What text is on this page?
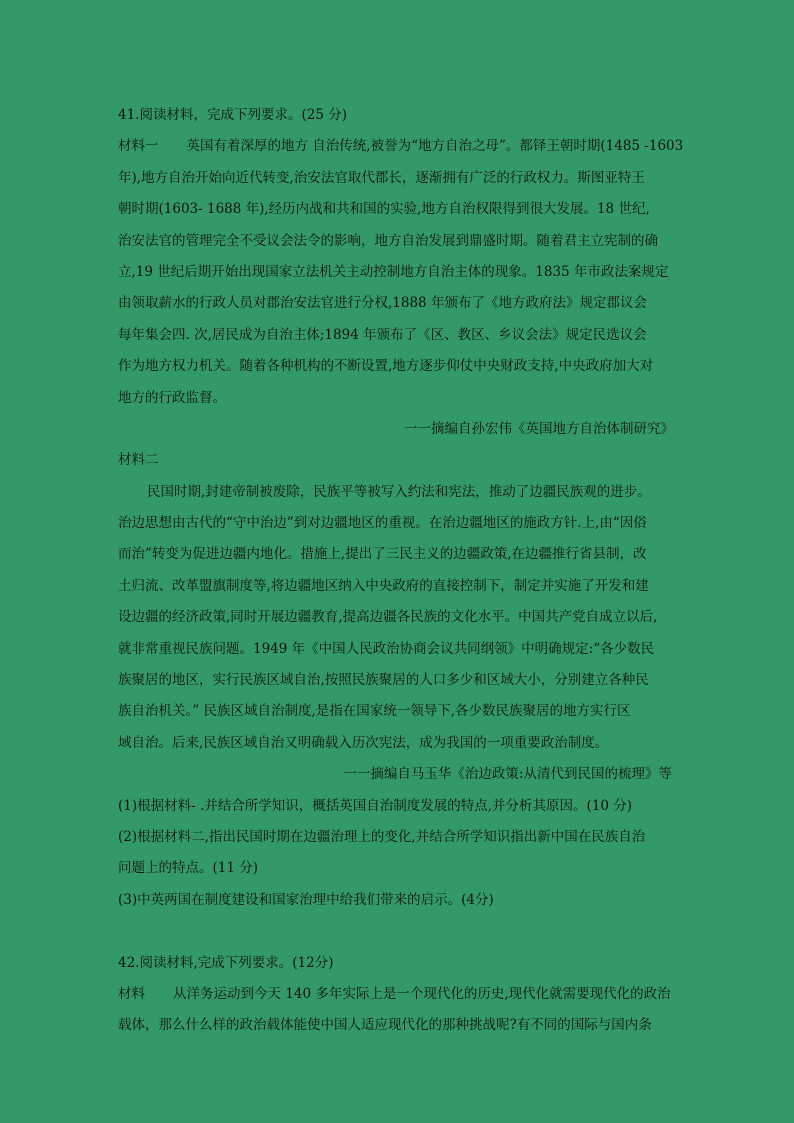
41.阅读材料，完成下列要求。(25 分)
材料一 英国有着深厚的地方 自治传统,被誉为“地方自治之母”。都铎王朝时期(1485 -1603
年),地方自治开始向近代转变,治安法官取代郡长，逐渐拥有广泛的行政权力。斯图亚特王
朝时期(1603- 1688 年),经历内战和共和国的实验,地方自治权限得到很大发展。18 世纪,
治安法官的管理完全不受议会法令的影响，地方自治发展到鼎盛时期。随着君主立宪制的确
立,19 世纪后期开始出现国家立法机关主动控制地方自治主体的现象。1835 年市政法案规定
由领取薪水的行政人员对郡治安法官进行分权,1888 年颁布了《地方政府法》规定郡议会
每年集会四. 次,居民成为自治主体;1894 年颁布了《区、教区、乡议会法》规定民选议会
作为地方权力机关。随着各种机构的不断设置,地方逐步仰仗中央财政支持,中央政府加大对
地方的行政监督。
一一摘编自孙宏伟《英国地方自治体制研究》
材料二
民国时期,封建帝制被废除，民族平等被写入约法和宪法，推动了边疆民族观的进步。
治边思想由古代的“守中治边”到对边疆地区的重视。在治边疆地区的施政方针.上,由“因俗
而治”转变为促进边疆内地化。措施上,提出了三民主义的边疆政策,在边疆推行省县制，改
土归流、改革盟旗制度等,将边疆地区纳入中央政府的直接控制下，制定并实施了开发和建
设边疆的经济政策,同时开展边疆教育,提高边疆各民族的文化水平。中国共产党自成立以后,
就非常重视民族问题。1949 年《中国人民政治协商会议共同纲领》中明确规定:“各少数民
族聚居的地区，实行民族区域自治,按照民族聚居的人口多少和区域大小，分别建立各种民
族自治机关。” 民族区域自治制度,是指在国家统一领导下,各少数民族聚居的地方实行区
域自治。后来,民族区域自治又明确载入历次宪法，成为我国的一项重要政治制度。
一一摘编自马玉华《治边政策:从清代到民国的梳理》等
(1)根据材料- .并结合所学知识，概括英国自治制度发展的特点,并分析其原因。(10 分)
(2)根据材料二,指出民国时期在边疆治理上的变化,并结合所学知识指出新中国在民族自治
问题上的特点。(11 分)
(3)中英两国在制度建设和国家治理中给我们带来的启示。(4分)
42.阅读材料,完成下列要求。(12分)
材料 从洋务运动到今天 140 多年实际上是一个现代化的历史,现代化就需要现代化的政治
载体，那么什么样的政治载体能使中国人适应现代化的那种挑战呢?有不同的国际与国内条
